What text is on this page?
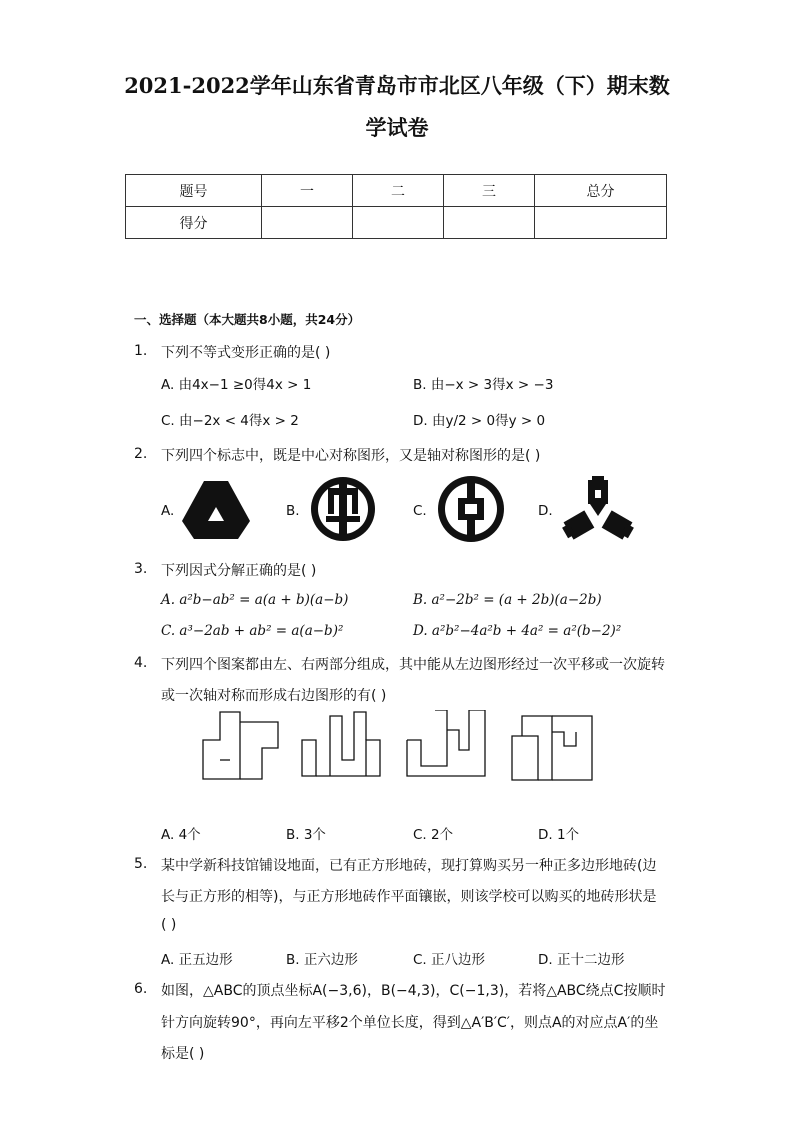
2021-2022学年山东省青岛市市北区八年级（下）期末数
学试卷
题号	一	二	三	总分
得分				
一、选择题（本大题共8小题，共24分）
1. 下列不等式变形正确的是( )
A. 由4x−1 ≥0得4x > 1	B. 由−x > 3得x > −3
C. 由−2x < 4得x > 2	D. 由y/2 > 0得y > 0
2. 下列四个标志中，既是中心对称图形，又是轴对称图形的是( )
A.	B.	C.	D.
3. 下列因式分解正确的是( )
A. a²b−ab² = a(a + b)(a−b)	B. a²−2b² = (a + 2b)(a−2b)
C. a³−2ab + ab² = a(a−b)²	D. a²b²−4a²b + 4a² = a²(b−2)²
4. 下列四个图案都由左、右两部分组成，其中能从左边图形经过一次平移或一次旋转
或一次轴对称而形成右边图形的有( )
A. 4个	B. 3个	C. 2个	D. 1个
5. 某中学新科技馆铺设地面，已有正方形地砖，现打算购买另一种正多边形地砖(边
长与正方形的相等)，与正方形地砖作平面镶嵌，则该学校可以购买的地砖形状是
( )
A. 正五边形	B. 正六边形	C. 正八边形	D. 正十二边形
6. 如图，△ABC的顶点坐标A(−3,6)，B(−4,3)，C(−1,3)，若将△ABC绕点C按顺时
针方向旋转90°，再向左平移2个单位长度，得到△A′B′C′，则点A的对应点A′的坐
标是( )
